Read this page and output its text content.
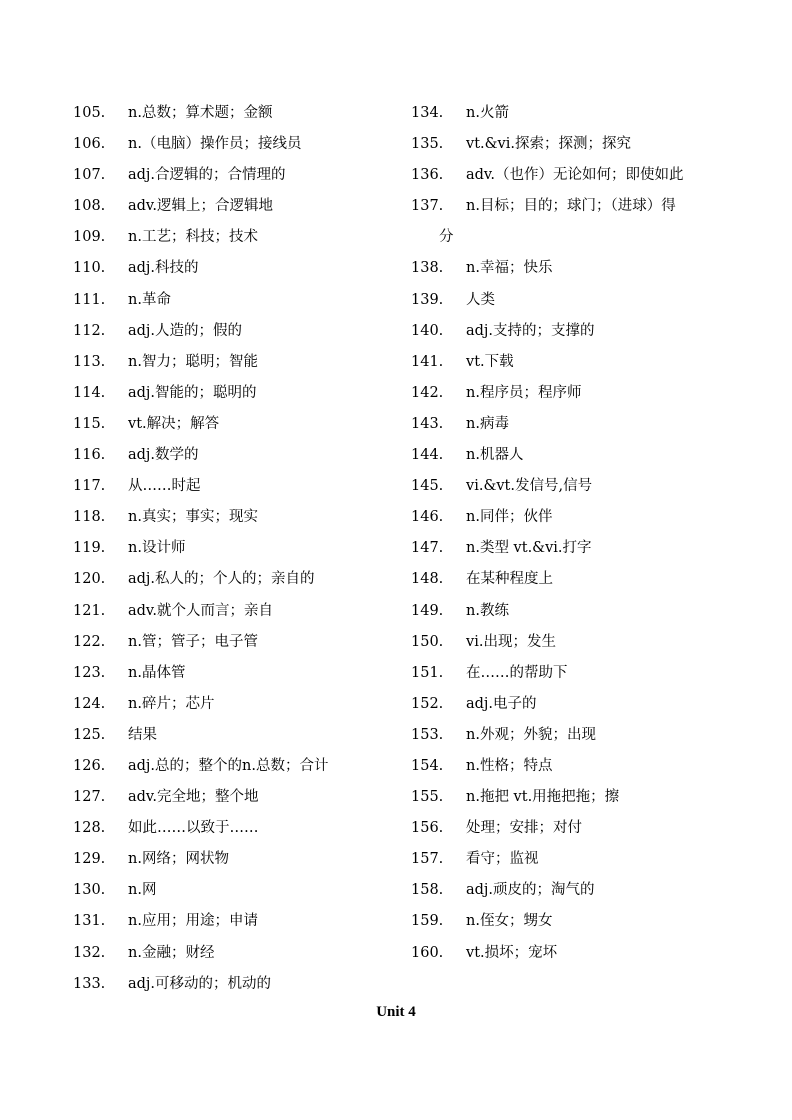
105. n.总数；算术题；金额
106. n.（电脑）操作员；接线员
107. adj.合逻辑的；合情理的
108. adv.逻辑上；合逻辑地
109. n.工艺；科技；技术
110. adj.科技的
111. n.革命
112. adj.人造的；假的
113. n.智力；聪明；智能
114. adj.智能的；聪明的
115. vt.解决；解答
116. adj.数学的
117. 从……时起
118. n.真实；事实；现实
119. n.设计师
120. adj.私人的；个人的；亲自的
121. adv.就个人而言；亲自
122. n.管；管子；电子管
123. n.晶体管
124. n.碎片；芯片
125. 结果
126. adj.总的；整个的n.总数；合计
127. adv.完全地；整个地
128. 如此……以致于……
129. n.网络；网状物
130. n.网
131. n.应用；用途；申请
132. n.金融；财经
133. adj.可移动的；机动的
134. n.火箭
135. vt.&vi.探索；探测；探究
136. adv.（也作）无论如何；即使如此
137. n.目标；目的；球门；（进球）得
分
138. n.幸福；快乐
139. 人类
140. adj.支持的；支撑的
141. vt.下载
142. n.程序员；程序师
143. n.病毒
144. n.机器人
145. vi.&vt.发信号,信号
146. n.同伴；伙伴
147. n.类型 vt.&vi.打字
148. 在某种程度上
149. n.教练
150. vi.出现；发生
151. 在……的帮助下
152. adj.电子的
153. n.外观；外貌；出现
154. n.性格；特点
155. n.拖把 vt.用拖把拖；擦
156. 处理；安排；对付
157. 看守；监视
158. adj.顽皮的；淘气的
159. n.侄女；甥女
160. vt.损坏；宠坏
Unit 4
